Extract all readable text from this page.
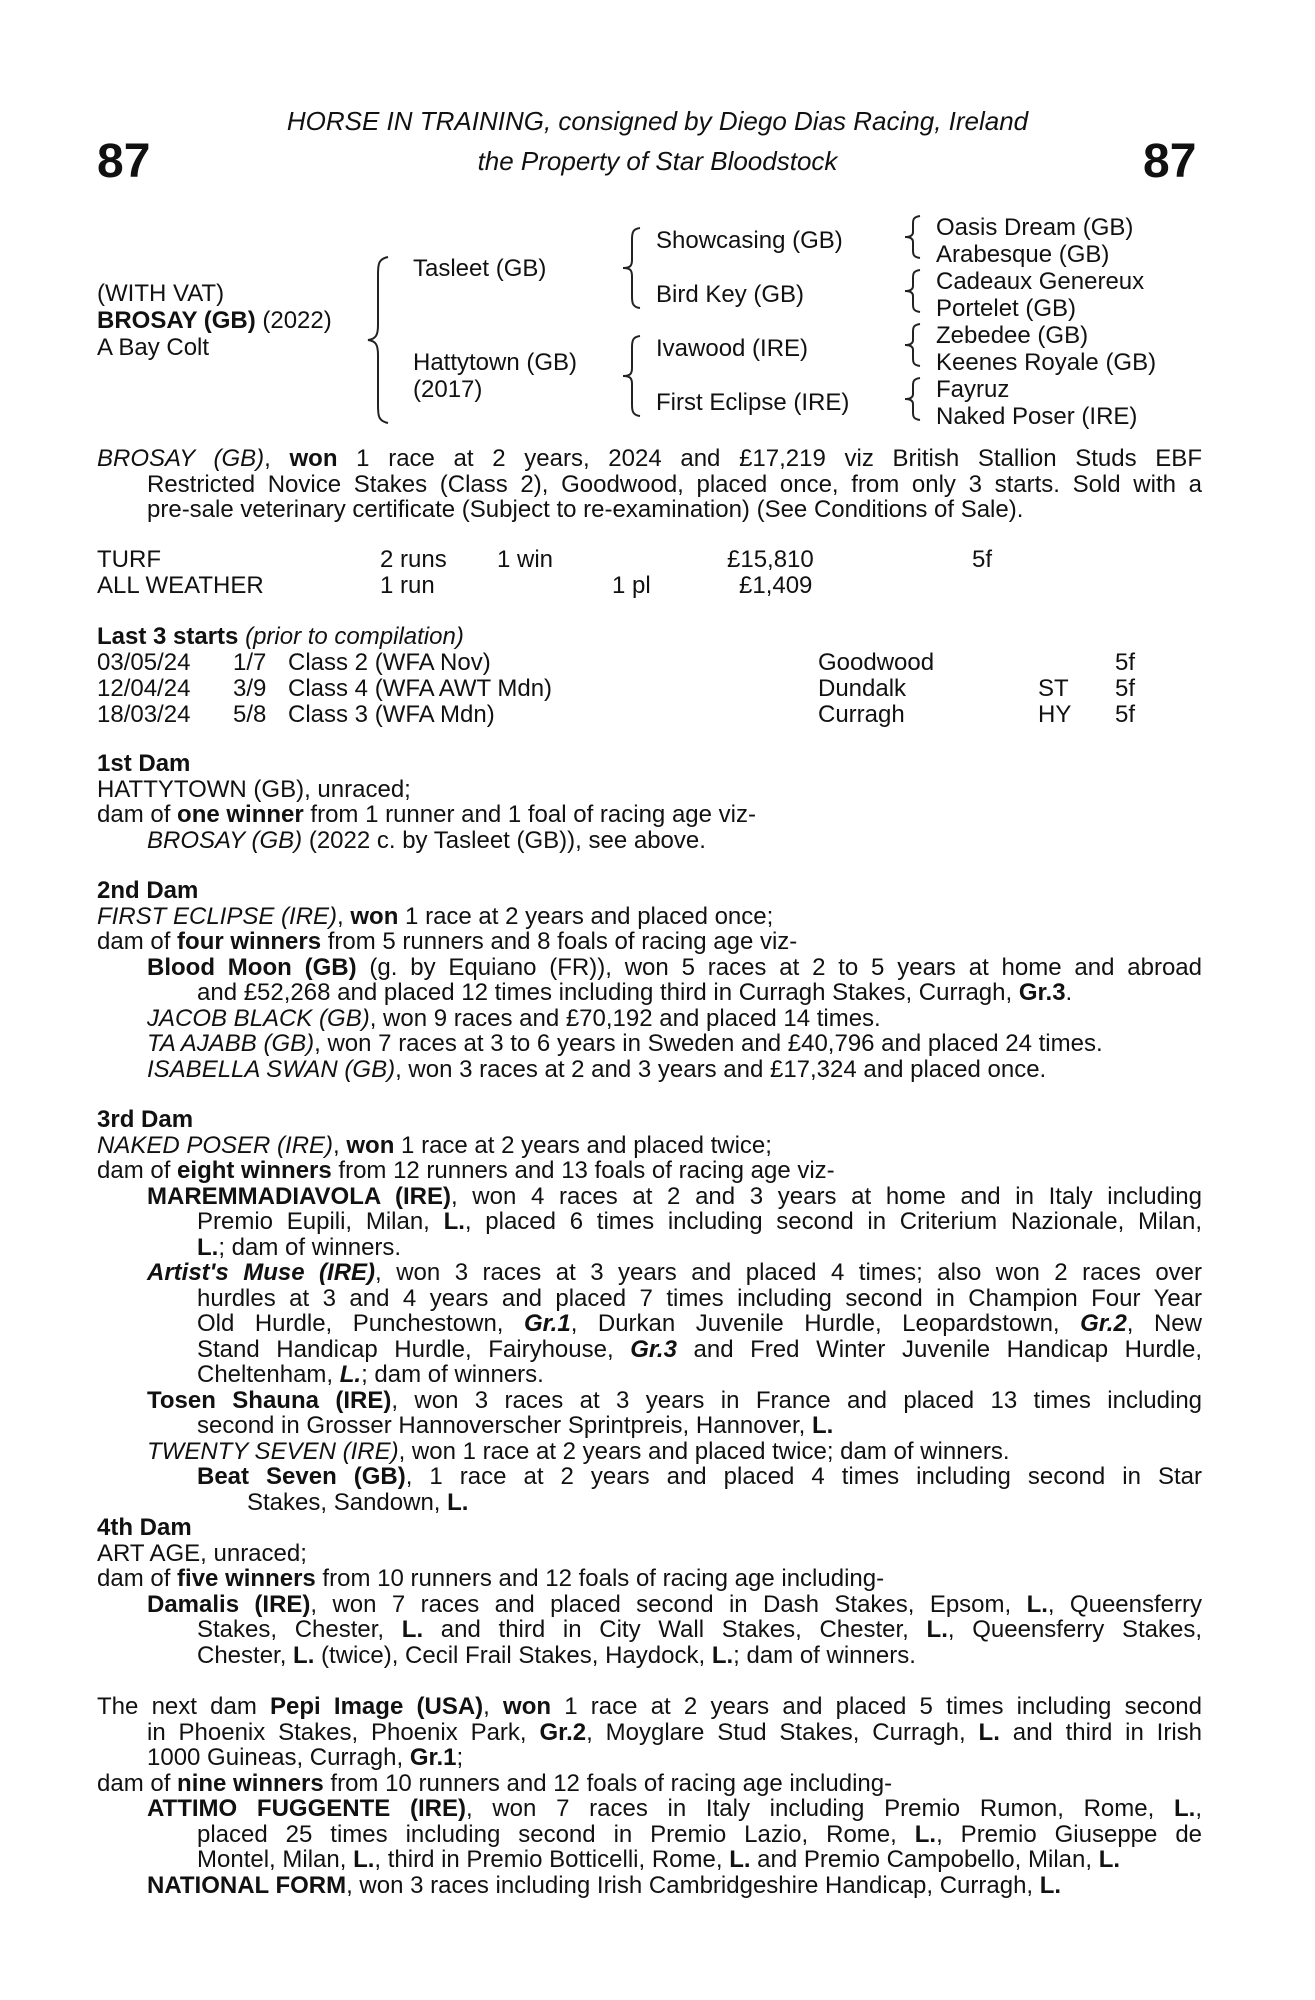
87	87
HORSE IN TRAINING, consigned by Diego Dias Racing, Ireland
the Property of Star Bloodstock
(WITH VAT)
BROSAY (GB) (2022)
A Bay Colt
Tasleet (GB)
Hattytown (GB)
(2017)
Showcasing (GB)
Bird Key (GB)
Ivawood (IRE)
First Eclipse (IRE)
Oasis Dream (GB)
Arabesque (GB)
Cadeaux Genereux
Portelet (GB)
Zebedee (GB)
Keenes Royale (GB)
Fayruz
Naked Poser (IRE)
BROSAY (GB), won 1 race at 2 years, 2024 and £17,219 viz British Stallion Studs EBF
Restricted Novice Stakes (Class 2), Goodwood, placed once, from only 3 starts. Sold with a
pre-sale veterinary certificate (Subject to re-examination) (See Conditions of Sale).
TURF	2 runs 1 win	£15,810	5f
ALL WEATHER	1 run	1 pl	£1,409
Last 3 starts (prior to compilation)
03/05/24 1/7 Class 2 (WFA Nov)	Goodwood	5f
12/04/24 3/9 Class 4 (WFA AWT Mdn)	Dundalk	ST 5f
18/03/24 5/8 Class 3 (WFA Mdn)	Curragh	HY 5f
1st Dam
HATTYTOWN (GB), unraced;
dam of one winner from 1 runner and 1 foal of racing age viz-
BROSAY (GB) (2022 c. by Tasleet (GB)), see above.
2nd Dam
FIRST ECLIPSE (IRE), won 1 race at 2 years and placed once;
dam of four winners from 5 runners and 8 foals of racing age viz-
Blood Moon (GB) (g. by Equiano (FR)), won 5 races at 2 to 5 years at home and abroad
and £52,268 and placed 12 times including third in Curragh Stakes, Curragh, Gr.3.
JACOB BLACK (GB), won 9 races and £70,192 and placed 14 times.
TA AJABB (GB), won 7 races at 3 to 6 years in Sweden and £40,796 and placed 24 times.
ISABELLA SWAN (GB), won 3 races at 2 and 3 years and £17,324 and placed once.
3rd Dam
NAKED POSER (IRE), won 1 race at 2 years and placed twice;
dam of eight winners from 12 runners and 13 foals of racing age viz-
MAREMMADIAVOLA (IRE), won 4 races at 2 and 3 years at home and in Italy including
Premio Eupili, Milan, L., placed 6 times including second in Criterium Nazionale, Milan,
L.; dam of winners.
Artist's Muse (IRE), won 3 races at 3 years and placed 4 times; also won 2 races over
hurdles at 3 and 4 years and placed 7 times including second in Champion Four Year
Old Hurdle, Punchestown, Gr.1, Durkan Juvenile Hurdle, Leopardstown, Gr.2, New
Stand Handicap Hurdle, Fairyhouse, Gr.3 and Fred Winter Juvenile Handicap Hurdle,
Cheltenham, L.; dam of winners.
Tosen Shauna (IRE), won 3 races at 3 years in France and placed 13 times including
second in Grosser Hannoverscher Sprintpreis, Hannover, L.
TWENTY SEVEN (IRE), won 1 race at 2 years and placed twice; dam of winners.
Beat Seven (GB), 1 race at 2 years and placed 4 times including second in Star
Stakes, Sandown, L.
4th Dam
ART AGE, unraced;
dam of five winners from 10 runners and 12 foals of racing age including-
Damalis (IRE), won 7 races and placed second in Dash Stakes, Epsom, L., Queensferry
Stakes, Chester, L. and third in City Wall Stakes, Chester, L., Queensferry Stakes,
Chester, L. (twice), Cecil Frail Stakes, Haydock, L.; dam of winners.
The next dam Pepi Image (USA), won 1 race at 2 years and placed 5 times including second
in Phoenix Stakes, Phoenix Park, Gr.2, Moyglare Stud Stakes, Curragh, L. and third in Irish
1000 Guineas, Curragh, Gr.1;
dam of nine winners from 10 runners and 12 foals of racing age including-
ATTIMO FUGGENTE (IRE), won 7 races in Italy including Premio Rumon, Rome, L.,
placed 25 times including second in Premio Lazio, Rome, L., Premio Giuseppe de
Montel, Milan, L., third in Premio Botticelli, Rome, L. and Premio Campobello, Milan, L.
NATIONAL FORM, won 3 races including Irish Cambridgeshire Handicap, Curragh, L.
